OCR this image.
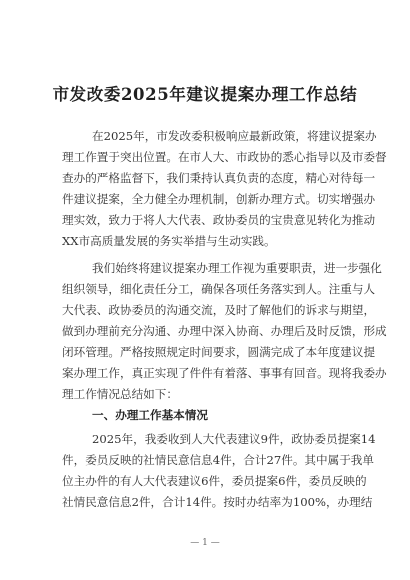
市发改委2025年建议提案办理工作总结
在2025年，市发改委积极响应最新政策，将建议提案办
理工作置于突出位置。在市人大、市政协的悉心指导以及市委督
查办的严格监督下，我们秉持认真负责的态度，精心对待每一
件建议提案，全力健全办理机制，创新办理方式。切实增强办
理实效，致力于将人大代表、政协委员的宝贵意见转化为推动
XX市高质量发展的务实举措与生动实践。
我们始终将建议提案办理工作视为重要职责，进一步强化
组织领导，细化责任分工，确保各项任务落实到人。注重与人
大代表、政协委员的沟通交流，及时了解他们的诉求与期望，
做到办理前充分沟通、办理中深入协商、办理后及时反馈，形成
闭环管理。严格按照规定时间要求，圆满完成了本年度建议提
案办理工作，真正实现了件件有着落、事事有回音。现将我委办
理工作情况总结如下：
一、办理工作基本情况
2025年，我委收到人大代表建议9件，政协委员提案14
件，委员反映的社情民意信息4件，合计27件。其中属于我单
位主办件的有人大代表建议6件，委员提案6件，委员反映的
社情民意信息2件，合计14件。按时办结率为100%，办理结
— 1 —
